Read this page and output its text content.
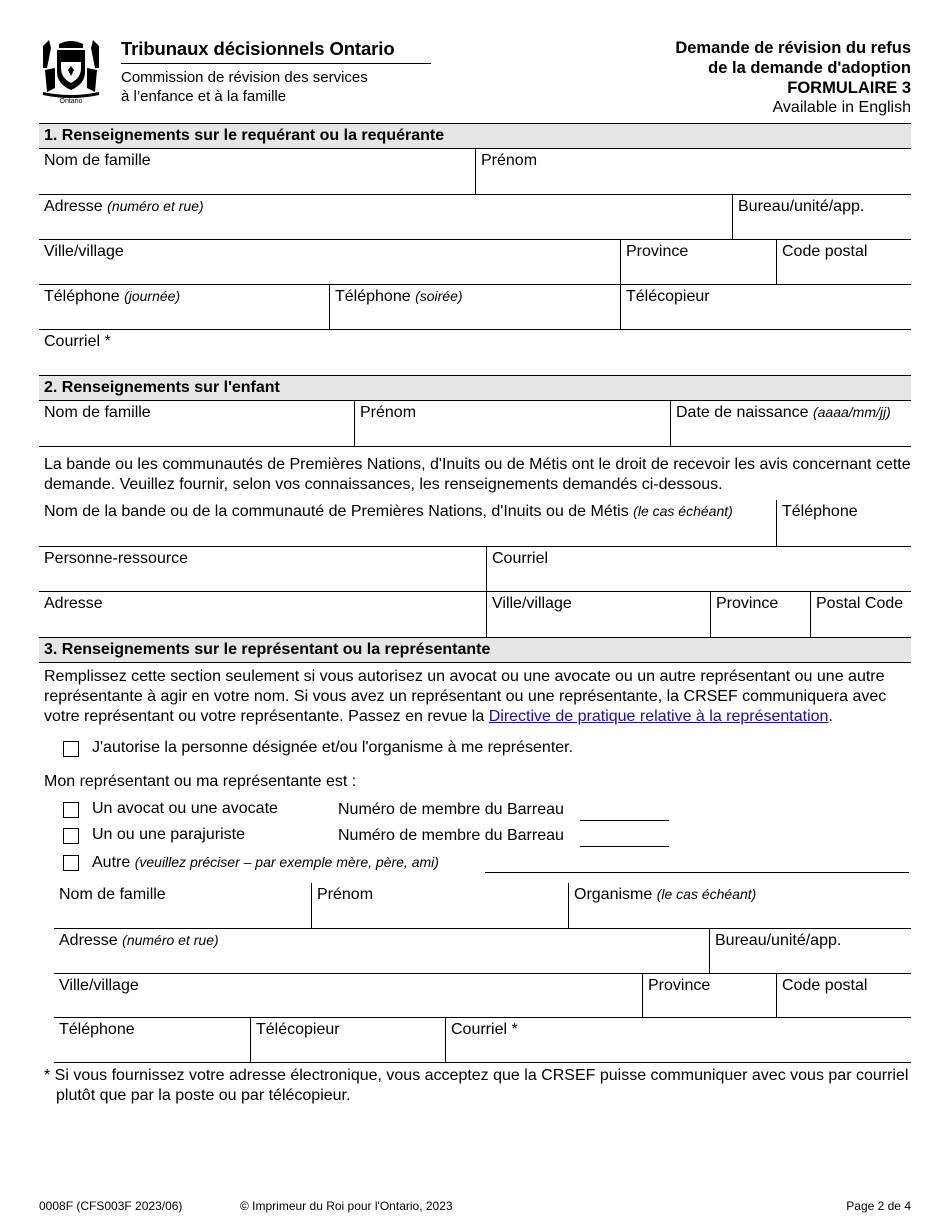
Ontario
Tribunaux décisionnels Ontario
Commission de révision des services
à l’enfance et à la famille
Demande de révision du refus
de la demande d'adoption
FORMULAIRE 3
Available in English
1. Renseignements sur le requérant ou la requérante
Nom de famille	Prénom
Adresse (numéro et rue)	Bureau/unité/app.
Ville/village	Province	Code postal
Téléphone (journée)	Téléphone (soirée)	Télécopieur
Courriel *
2. Renseignements sur l'enfant
Nom de famille	Prénom	Date de naissance (aaaa/mm/jj)
La bande ou les communautés de Premières Nations, d'Inuits ou de Métis ont le droit de recevoir les avis concernant cette demande. Veuillez fournir, selon vos connaissances, les renseignements demandés ci-dessous.
Nom de la bande ou de la communauté de Premières Nations, d'Inuits ou de Métis (le cas échéant)	Téléphone
Personne-ressource	Courriel
Adresse	Ville/village	Province	Postal Code
3. Renseignements sur le représentant ou la représentante
Remplissez cette section seulement si vous autorisez un avocat ou une avocate ou un autre représentant ou une autre représentante à agir en votre nom. Si vous avez un représentant ou une représentante, la CRSEF communiquera avec votre représentant ou votre représentante. Passez en revue la Directive de pratique relative à la représentation.
J'autorise la personne désignée et/ou l'organisme à me représenter.
Mon représentant ou ma représentante est :
Un avocat ou une avocate	Numéro de membre du Barreau
Un ou une parajuriste	Numéro de membre du Barreau
Autre (veuillez préciser – par exemple mère, père, ami)
Nom de famille	Prénom	Organisme (le cas échéant)
Adresse (numéro et rue)	Bureau/unité/app.
Ville/village	Province	Code postal
Téléphone	Télécopieur	Courriel *
* Si vous fournissez votre adresse électronique, vous acceptez que la CRSEF puisse communiquer avec vous par courriel plutôt que par la poste ou par télécopieur.
0008F (CFS003F 2023/06)	© Imprimeur du Roi pour l'Ontario, 2023	Page 2 de 4
